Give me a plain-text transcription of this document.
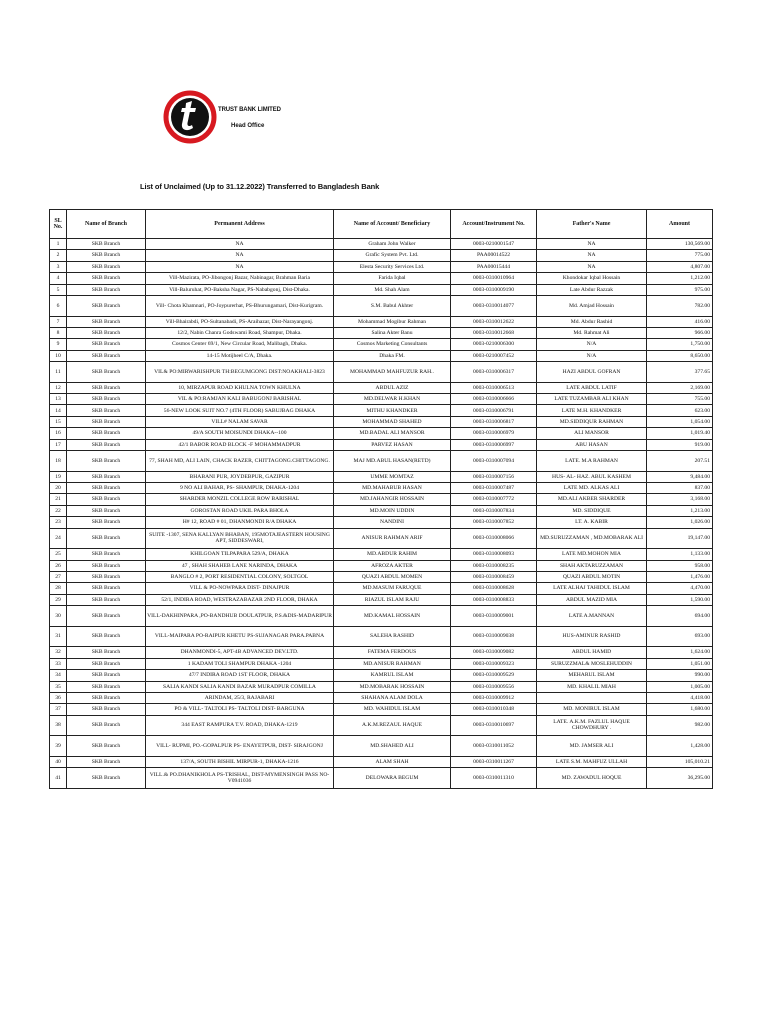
TRUST BANK LIMITED
Head Office
List of Unclaimed (Up to 31.12.2022) Transferred to Bangladesh Bank
SL No.	Name of Branch	Permanent Address	Name of Account/ Beneficiary	Account/Instrument No.	Father's Name	Amount
1	SKB Branch	NA	Graham John Walker	0003-0210001547	NA	130,569.00
2	SKB Branch	NA	Grafic System Pvt. Ltd.	PAA00014522	NA	775.00
3	SKB Branch	NA	Elesta Security Services Ltd.	PAA00015444	NA	4,807.00
4	SKB Branch	Vill-Mazirata, PO-Jibongonj Bazar, Nabinagar, Brahman Baria	Farida Iqbal	0003-0310010964	Khondokar Iqbal Hossain	1,212.00
5	SKB Branch	Vill-Baluruhat, PO-Baksha Nagar, PS-Nababgonj, Dist-Dhaka.	Md. Shah Alam	0003-0310009190	Late Abdur Razzak	975.00
6	SKB Branch	Vill- Chota Khamnari, PO-Joypurerhat, PS-Bhurungamari, Dist-Kurigram.	S.M. Babul Akhter	0003-0310014077	Md. Amjad Hossain	782.00
7	SKB Branch	Vill-Bhairabdi, PO-Sultanabadi, PS-Araihazar, Dist-Narayangonj.	Mohammad Mogibur Rahman	0003-0310012622	Md. Abdur Rashid	416.00
8	SKB Branch	12/2, Nabin Chanra Godswami Road, Shampur, Dhaka.	Salina Akter Banu	0003-0310012668	Md. Rahmat Ali	966.00
9	SKB Branch	Cosmos Center 69/1, New Circular Road, Malibagh, Dhaka.	Cosmos Marketing Consultants	0003-0210006300	N/A	1,750.00
10	SKB Branch	14-15 Motijheel C/A, Dhaka.	Dhaka FM.	0003-0210007452	N/A	8,650.00
11	SKB Branch	VIL& PO:MIRWARISHPUR TH:BEGUMGONG DIST:NOAKHALI-3823	MOHAMMAD MAHFUZUR RAH..	0003-0310006317	HAZI ABDUL GOFRAN	377.65
12	SKB Branch	10, MIRZAPUR ROAD KHULNA TOWN KHULNA	ABDUL AZIZ	0003-0310006513	LATE ABDUL LATIF	2,169.00
13	SKB Branch	VIL & PO:RAMJAN KALI BABUGONJ BARISHAL	MD.DELWAR H.KHAN	0003-0310006666	LATE TUZAMBAR ALI KHAN	755.00
14	SKB Branch	56-NEW LOOK SUIT NO.7 (4TH FLOOR) SABUJBAG DHAKA	MITHU KHANDKER	0003-0310006791	LATE M.H. KHANDKER	623.00
15	SKB Branch	VILL# NALAM SAVAR	MOHAMMAD SHAHED	0003-0310006817	MD.SIDDIQUR RAHMAN	1,054.00
16	SKB Branch	49/A SOUTH MOISUNDI DHAKA--100	MD.BADAL ALI MANSOR	0003-0310006979	ALI MANSOR	1,019.40
17	SKB Branch	42/1 BABOR ROAD BLOCK -F MOHAMMADPUR	PARVEZ HASAN	0003-0310006997	ABU HASAN	919.00
18	SKB Branch	77, SHAH MD, ALI LAIN, CHACK BAZER, CHITTAGONG.CHITTAGONG.	MAJ MD.ABUL HASAN(RETD)	0003-0310007094	LATE. M.A RAHMAN	207.51
19	SKB Branch	BHABANI PUR, JOYDEBPUR, GAZIPUR	UMME MOMTAZ	0003-0310007156	HUS- AL- HAZ. ABUL KASHEM	9,484.00
20	SKB Branch	9 NO ALI BAHAR, PS- SHAMPUR, DHAKA-1204	MD.MAHABUB HASAN	0003-0310007487	LATE MD. ALKAS ALI	837.00
21	SKB Branch	SHARDER MONZIL COLLEGE ROW BARISHAL	MD.JAHANGIR HOSSAIN	0003-0310007772	MD.ALI AKBER SHARDER	3,168.00
22	SKB Branch	GOROSTAN ROAD UKIL PARA BHOLA	MD.MOIN UDDIN	0003-0310007834	MD. SIDDIQUE	1,213.00
23	SKB Branch	H# 12, ROAD # 01, DHANMONDI R/A DHAKA	NANDINI	0003-0310007852	LT. A. KABIR	1,026.00
24	SKB Branch	SUITE -1307, SENA KALLYAN BHABAN, 195MOTAJEASTERN HOUSING APT, SIDDESWARI,	ANISUR RAHMAN ARIF	0003-0310008066	MD.SURUZZAMAN , MD.MOBARAK ALI	19,147.00
25	SKB Branch	KHILGOAN TILPAPARA 529/A, DHAKA	MD.ABDUR RAHIM	0003-0310008093	LATE MD.MOHON MIA	1,133.00
26	SKB Branch	47 , SHAH SHAHEB LANE NARINDA, DHAKA	AFROZA AKTER	0003-0310008235	SHAH AKTARUZZAMAN	958.00
27	SKB Branch	BANGLO # 2, PORT RESIDENTIAL COLONY, SOLTGOL	QUAZI ABDUL MOMEN	0003-0310008459	QUAZI ABDUL MOTIN	1,476.00
28	SKB Branch	VILL & PO-NOWPARA DIST- DINAJPUR	MD.MASUM FARUQUE	0003-0310008628	LATE ALHAJ TAHIDUL ISLAM	4,470.00
29	SKB Branch	52/1, INDIRA ROAD, WESTRAZABAZAR 2ND FLOOR, DHAKA	RIAZUL ISLAM RAJU	0003-0310008833	ABDUL MAZID MIA	1,590.00
30	SKB Branch	VILL-DAKHINPARA ,PO-BANDHUB DOULATPUR, P.S.&DIS-MADARIPUR	MD.KAMAL HOSSAIN	0003-0310009001	LATE A.MANNAN	694.00
31	SKB Branch	VILL-MAIPARA PO-RAIPUR KHETU PS-SUJANAGAR PARA.PABNA	SALEHA RASHID	0003-0310009038	HUS-AMINUR RASHID	693.00
32	SKB Branch	DHANMONDI-5, APT-4B ADVANCED DEV.LTD.	FATEMA FERDOUS	0003-0310009082	ABDUL HAMID	1,624.00
33	SKB Branch	1 KADAM TOLI SHAMPUR DHAKA -1204	MD.ANISUR RAHMAN	0003-0310009323	SURUZZMAL& MOSLEHUDDIN	1,051.00
34	SKB Branch	47/7 INDIRA ROAD 1ST FLOOR, DHAKA	KAMRUL ISLAM	0003-0310009529	MEHARUL ISLAM	990.00
35	SKB Branch	SALIA KANDI SALIA KANDI BAZAR MURADPUR COMILLA	MD.MOBARAK HOSSAIN	0003-0310009556	MD. KHALIL MIAH	1,005.00
36	SKB Branch	ARINDAM, 25/3, RAJABARI	SHAHANA ALAM DOLA	0003-0310009912		4,418.00
37	SKB Branch	PO & VILL- TALTOLI PS- TALTOLI DIST- BARGUNA	MD. WAHIDUL ISLAM	0003-0310010348	MD. MONIRUL ISLAM	1,680.00
38	SKB Branch	344 EAST RAMPURA T.V. ROAD, DHAKA-1219	A.K.M.REZAUL HAQUE	0003-0310010697	LATE. A.K.M. FAZLUL HAQUE CHOWDHURY .	982.00
39	SKB Branch	VILL- RUPMI, PO.-GOPALPUR PS- ENAYETPUR, DIST- SIRAJGONJ	MD.SHAHED ALI	0003-0310011052	MD. JAMSER ALI	1,428.00
40	SKB Branch	137/A, SOUTH BISHIL MIRPUR-1, DHAKA-1216	ALAM SHAH	0003-0310011267	LATE S.M. MAHFUZ ULLAH	105,010.21
41	SKB Branch	VILL.& PO.DHANIKHOLA PS-TRISHAL, DIST-MYMENSINGH PASS NO-V0941036	DELOWARA BEGUM	0003-0310011310	MD. ZAWADUL HOQUE	36,295.00
